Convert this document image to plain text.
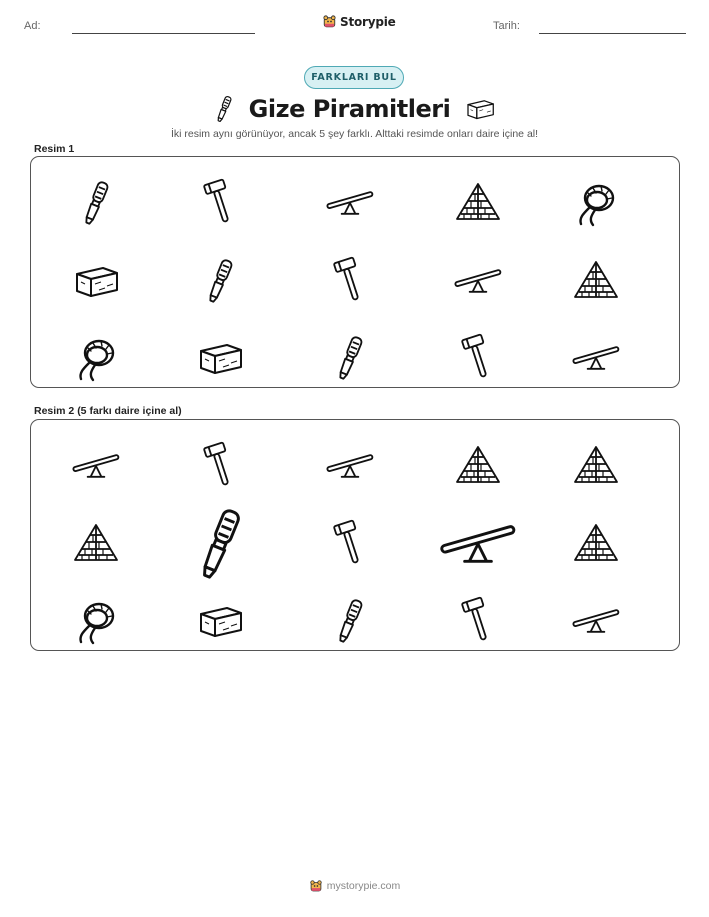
Ad:	Storypie	Tarih:
FARKLARI BUL
Gize Piramitleri
İki resim aynı görünüyor, ancak 5 şey farklı. Alttaki resimde onları daire içine al!
Resim 1
Resim 2 (5 farkı daire içine al)
mystorypie.com
